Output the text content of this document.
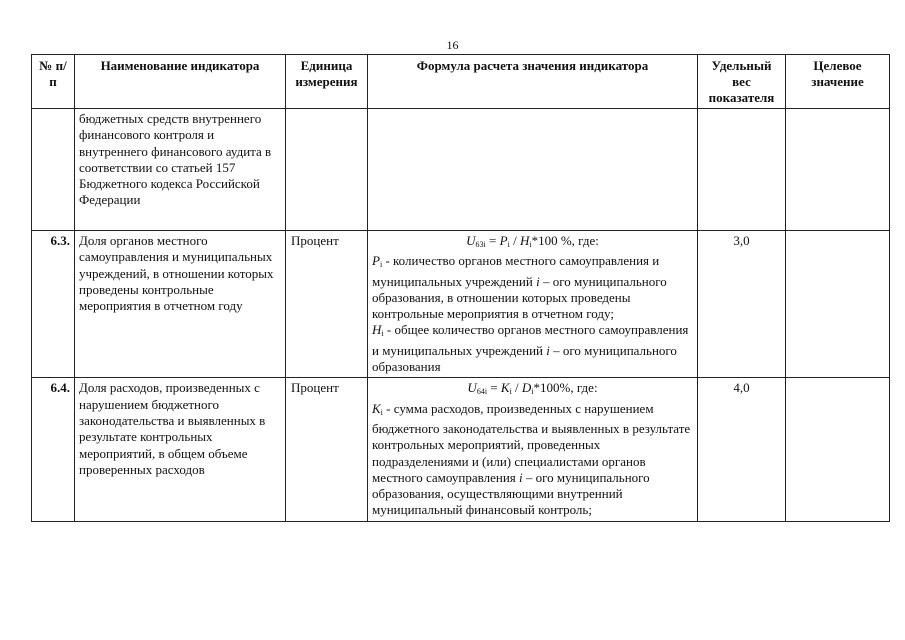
16
№ п/п	Наименование индикатора	Единица измерения	Формула расчета значения индикатора	Удельный вес показателя	Целевое значение
	бюджетных средств внутреннего финансового контроля и внутреннего финансового аудита в соответствии со статьей 157 Бюджетного кодекса Российской Федерации				
6.3.	Доля органов местного самоуправления и муниципальных учреждений, в отношении которых проведены контрольные мероприятия в отчетном году	Процент	$U_{63i} = P_i / H_i*100$ %, где:
$P_i$ - количество органов местного самоуправления и муниципальных учреждений i – ого муниципального образования, в отношении которых проведены контрольные мероприятия в отчетном году;
$H_i$ - общее количество органов местного самоуправления и муниципальных учреждений i – ого муниципального образования	3,0	
6.4.	Доля расходов, произведенных с нарушением бюджетного законодательства и выявленных в результате контрольных мероприятий, в общем объеме проверенных расходов	Процент	$U_{64i} = K_i / D_i*100\%$, где:
$K_i$ - сумма расходов, произведенных с нарушением бюджетного законодательства и выявленных в результате контрольных мероприятий, проведенных подразделениями и (или) специалистами органов местного самоуправления i – ого муниципального образования, осуществляющими внутренний муниципальный финансовый контроль;	4,0	
